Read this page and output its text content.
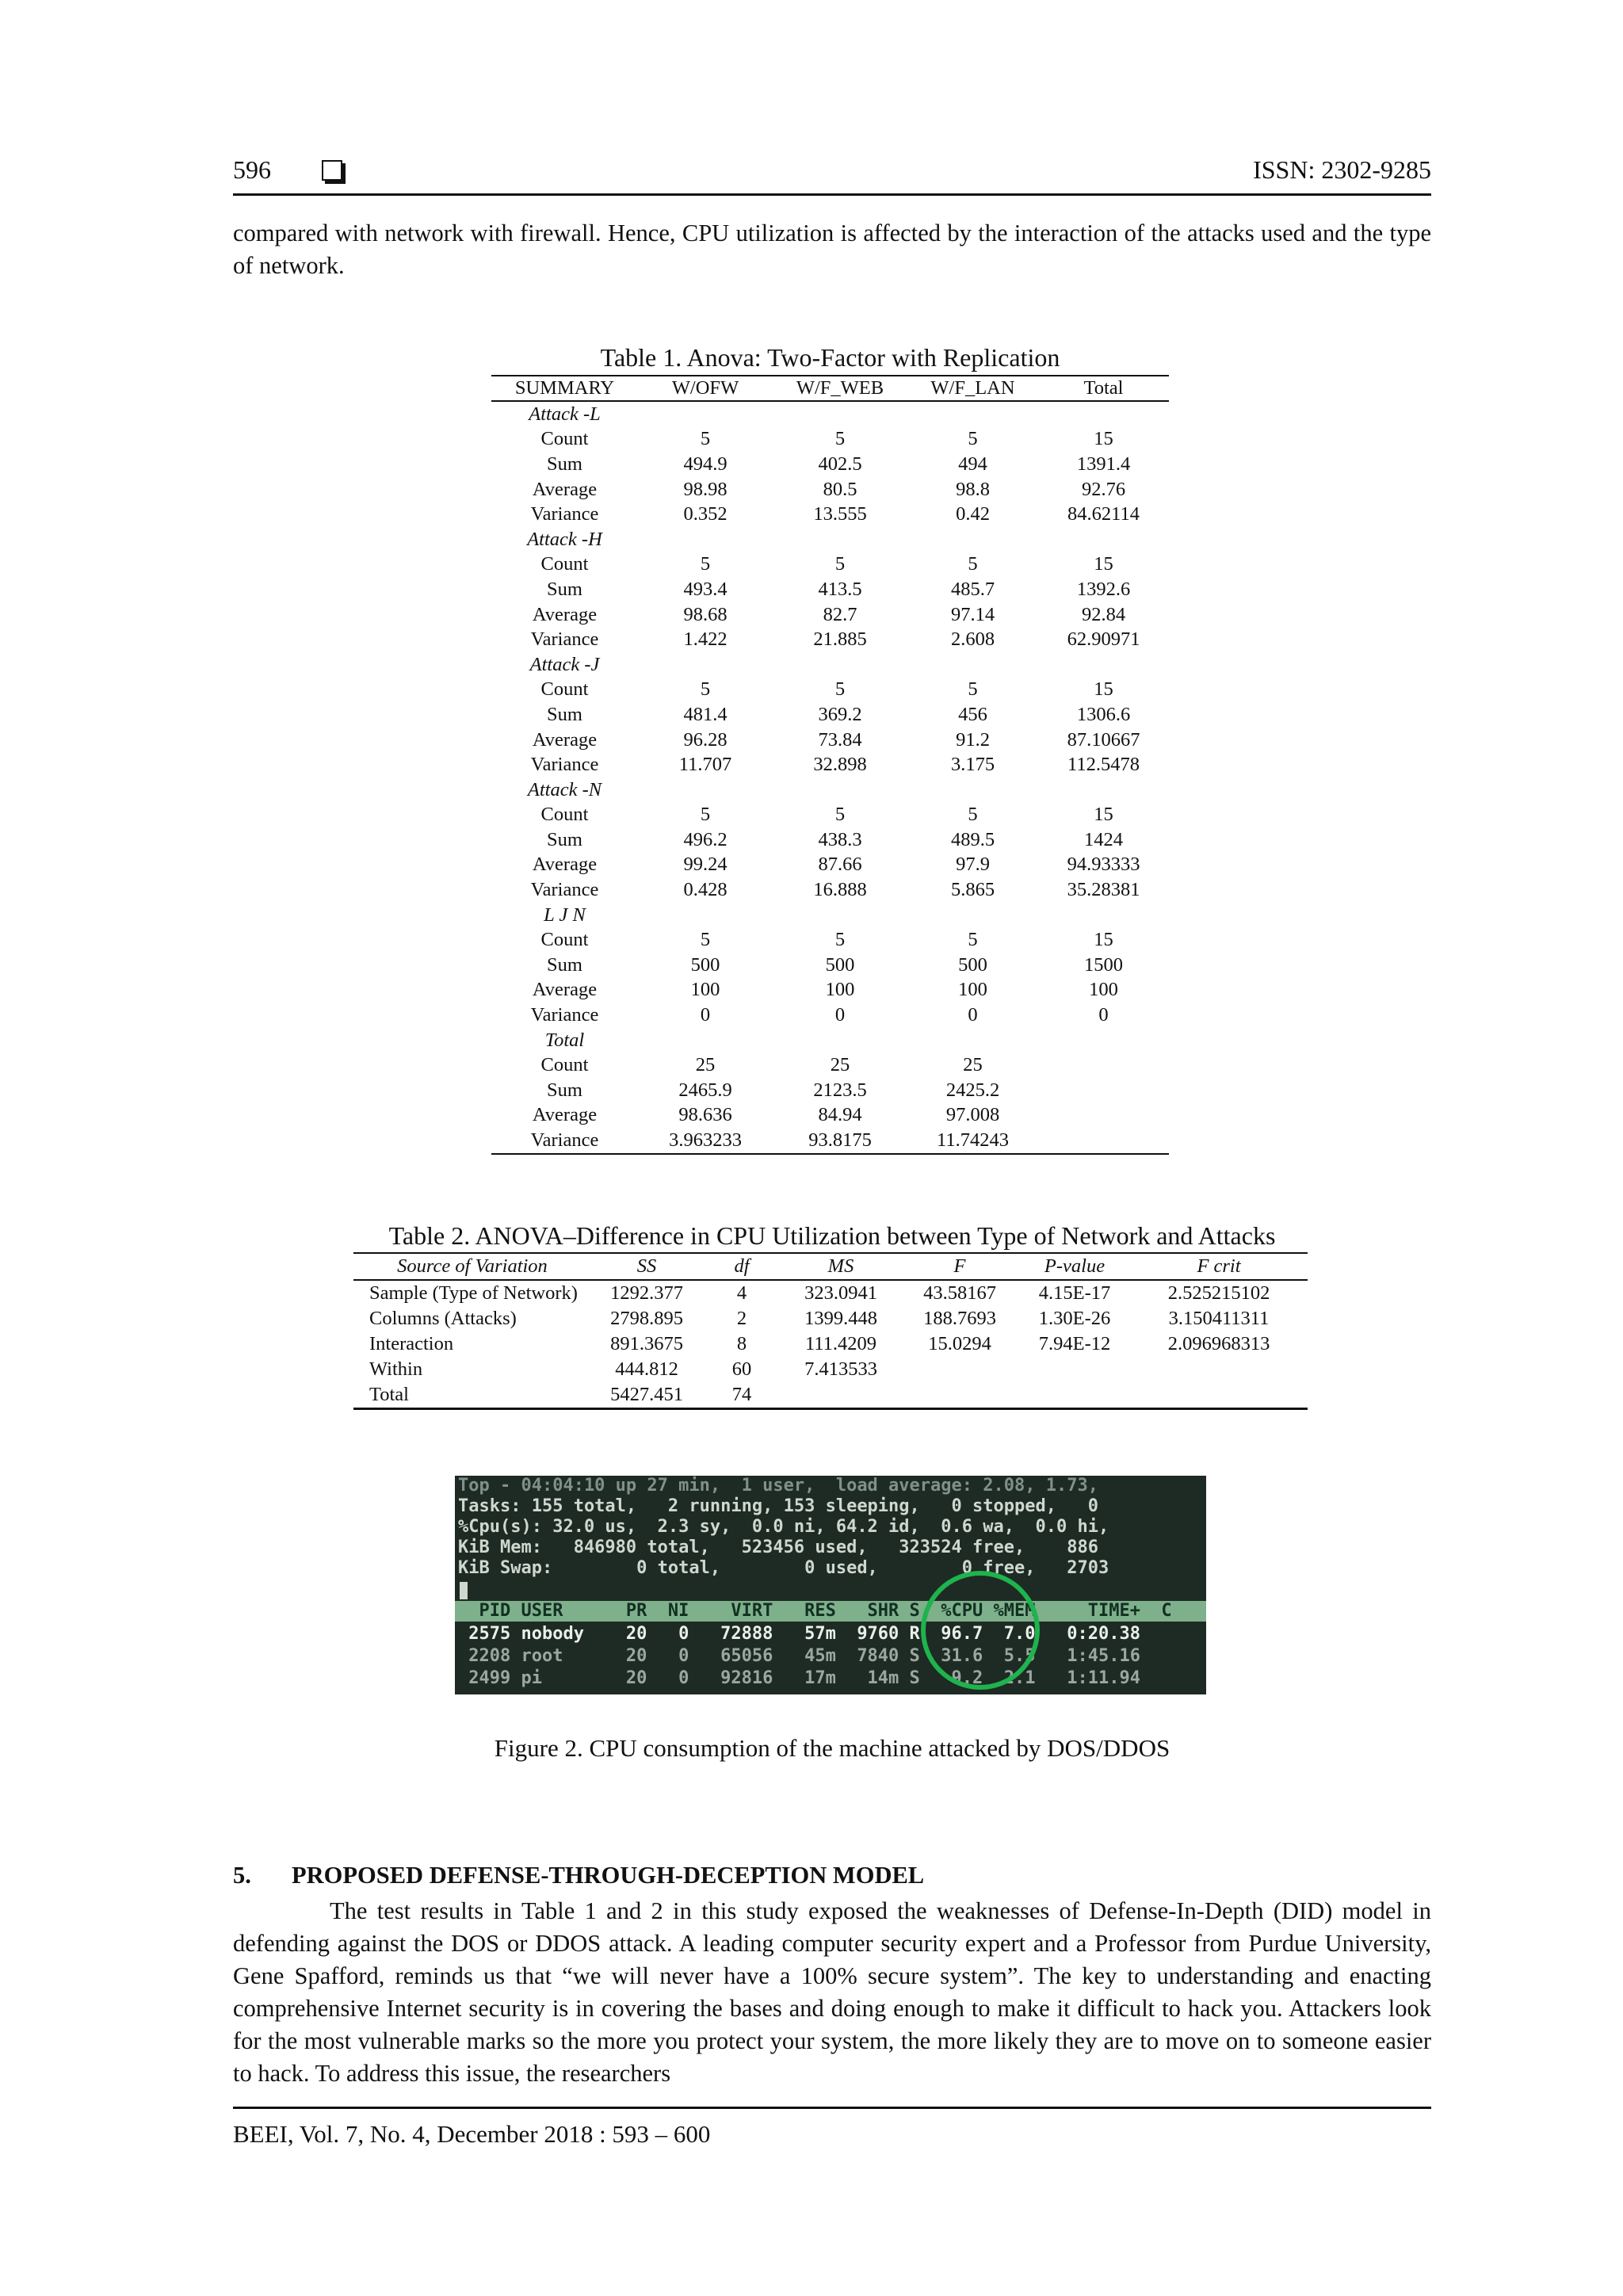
596	ISSN: 2302-9285
compared with network with firewall. Hence, CPU utilization is affected by the interaction of the attacks used and the type of network.
Table 1. Anova: Two-Factor with Replication
SUMMARY	W/OFW	W/F_WEB	W/F_LAN	Total
Attack -L				
Count	5	5	5	15
Sum	494.9	402.5	494	1391.4
Average	98.98	80.5	98.8	92.76
Variance	0.352	13.555	0.42	84.62114
Attack -H				
Count	5	5	5	15
Sum	493.4	413.5	485.7	1392.6
Average	98.68	82.7	97.14	92.84
Variance	1.422	21.885	2.608	62.90971
Attack -J				
Count	5	5	5	15
Sum	481.4	369.2	456	1306.6
Average	96.28	73.84	91.2	87.10667
Variance	11.707	32.898	3.175	112.5478
Attack -N				
Count	5	5	5	15
Sum	496.2	438.3	489.5	1424
Average	99.24	87.66	97.9	94.93333
Variance	0.428	16.888	5.865	35.28381
L J N				
Count	5	5	5	15
Sum	500	500	500	1500
Average	100	100	100	100
Variance	0	0	0	0
Total				
Count	25	25	25	
Sum	2465.9	2123.5	2425.2	
Average	98.636	84.94	97.008	
Variance	3.963233	93.8175	11.74243	
Table 2. ANOVA–Difference in CPU Utilization between Type of Network and Attacks
Source of Variation	SS	df	MS	F	P-value	F crit
Sample (Type of Network)	1292.377	4	323.0941	43.58167	4.15E-17	2.525215102
Columns (Attacks)	2798.895	2	1399.448	188.7693	1.30E-26	3.150411311
Interaction	891.3675	8	111.4209	15.0294	7.94E-12	2.096968313
Within	444.812	60	7.413533			
Total	5427.451	74				
Top - 04:04:10 up 27 min,  1 user,  load average: 2.08, 1.73,
Tasks: 155 total,   2 running, 153 sleeping,   0 stopped,   0
%Cpu(s): 32.0 us,  2.3 sy,  0.0 ni, 64.2 id,  0.6 wa,  0.0 hi,
KiB Mem:   846980 total,   523456 used,   323524 free,    886
KiB Swap:        0 total,        0 used,        0 free,   2703
PID USER      PR  NI    VIRT   RES   SHR S  %CPU %MEM     TIME+  C
2575 nobody    20   0   72888   57m  9760 R  96.7  7.0   0:20.38
2208 root      20   0   65056   45m  7840 S  31.6  5.5   1:45.16
2499 pi        20   0   92816   17m   14m S   9.2  2.1   1:11.94
Figure 2. CPU consumption of the machine attacked by DOS/DDOS
5. PROPOSED DEFENSE-THROUGH-DECEPTION MODEL
The test results in Table 1 and 2 in this study exposed the weaknesses of Defense-In-Depth (DID) model in defending against the DOS or DDOS attack. A leading computer security expert and a Professor from Purdue University, Gene Spafford, reminds us that “we will never have a 100% secure system”. The key to understanding and enacting comprehensive Internet security is in covering the bases and doing enough to make it difficult to hack you. Attackers look for the most vulnerable marks so the more you protect your system, the more likely they are to move on to someone easier to hack. To address this issue, the researchers
BEEI, Vol. 7, No. 4, December 2018 : 593 – 600
